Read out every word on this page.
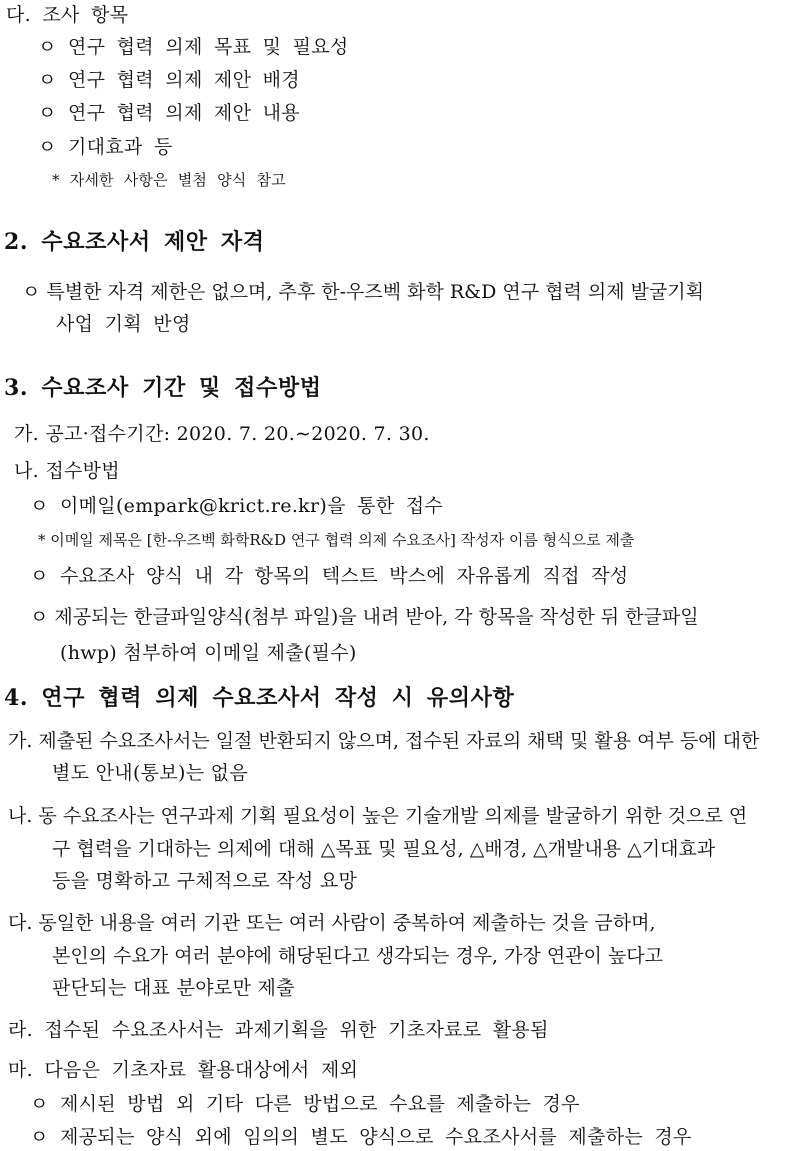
다. 조사 항목
ㅇ 연구 협력 의제 목표 및 필요성
ㅇ 연구 협력 의제 제안 배경
ㅇ 연구 협력 의제 제안 내용
ㅇ 기대효과 등
* 자세한 사항은 별첨 양식 참고
2. 수요조사서 제안 자격
ㅇ 특별한 자격 제한은 없으며, 추후 한-우즈벡 화학 R&D 연구 협력 의제 발굴기획
사업 기획 반영
3. 수요조사 기간 및 접수방법
가. 공고·접수기간: 2020. 7. 20.∼2020. 7. 30.
나. 접수방법
ㅇ 이메일(empark@krict.re.kr)을 통한 접수
* 이메일 제목은 [한-우즈벡 화학R&D 연구 협력 의제 수요조사] 작성자 이름 형식으로 제출
ㅇ 수요조사 양식 내 각 항목의 텍스트 박스에 자유롭게 직접 작성
ㅇ 제공되는 한글파일양식(첨부 파일)을 내려 받아, 각 항목을 작성한 뒤 한글파일
(hwp) 첨부하여 이메일 제출(필수)
4. 연구 협력 의제 수요조사서 작성 시 유의사항
가. 제출된 수요조사서는 일절 반환되지 않으며, 접수된 자료의 채택 및 활용 여부 등에 대한
별도 안내(통보)는 없음
나. 동 수요조사는 연구과제 기획 필요성이 높은 기술개발 의제를 발굴하기 위한 것으로 연
구 협력을 기대하는 의제에 대해 △목표 및 필요성, △배경, △개발내용 △기대효과
등을 명확하고 구체적으로 작성 요망
다. 동일한 내용을 여러 기관 또는 여러 사람이 중복하여 제출하는 것을 금하며,
본인의 수요가 여러 분야에 해당된다고 생각되는 경우, 가장 연관이 높다고
판단되는 대표 분야로만 제출
라. 접수된 수요조사서는 과제기획을 위한 기초자료로 활용됨
마. 다음은 기초자료 활용대상에서 제외
ㅇ 제시된 방법 외 기타 다른 방법으로 수요를 제출하는 경우
ㅇ 제공되는 양식 외에 임의의 별도 양식으로 수요조사서를 제출하는 경우
